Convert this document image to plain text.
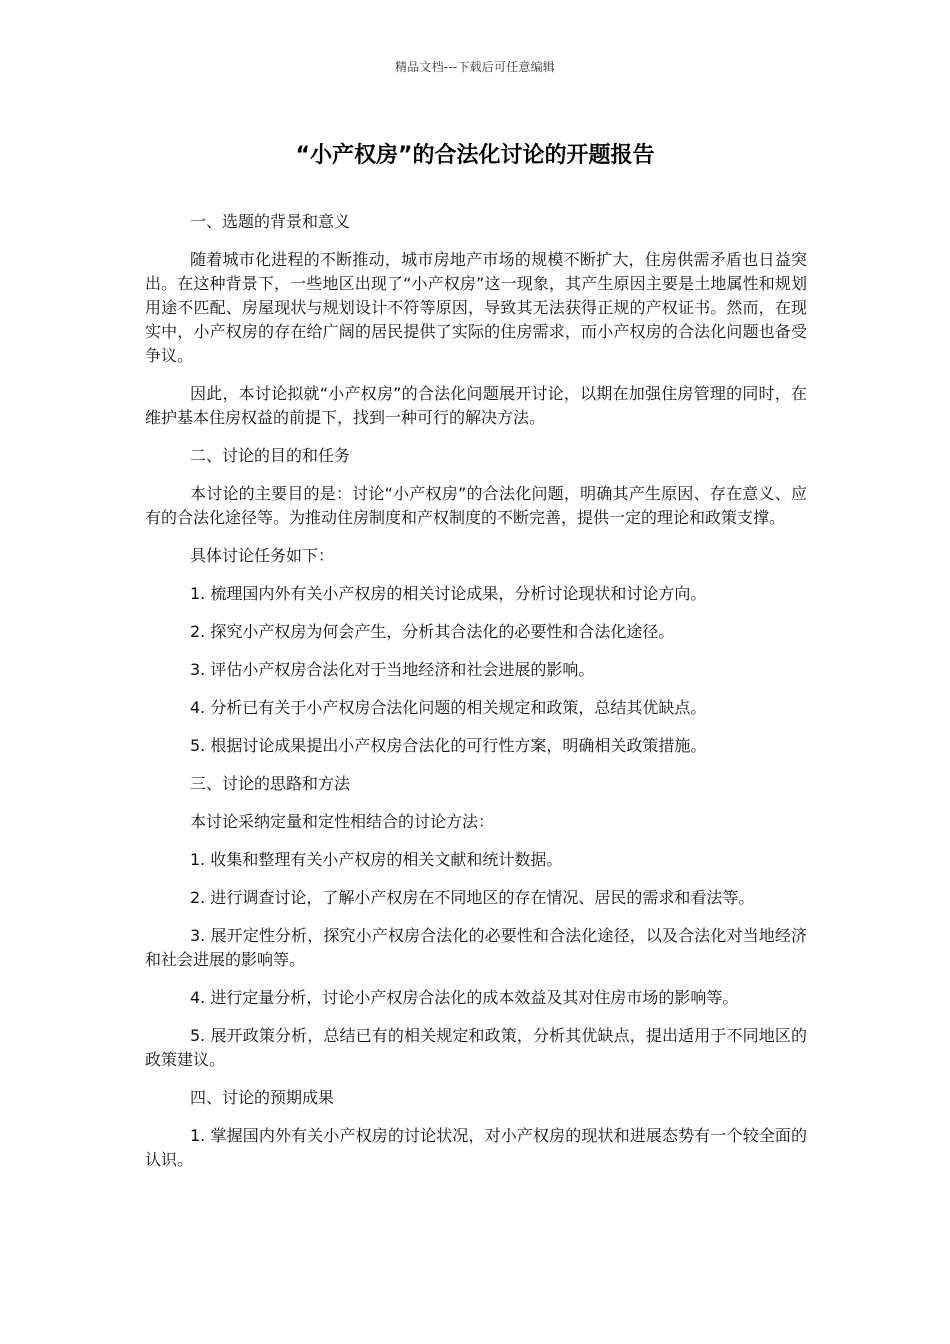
精品文档---下载后可任意编辑
“小产权房”的合法化讨论的开题报告

一、选题的背景和意义

随着城市化进程的不断推动，城市房地产市场的规模不断扩大，住房供需矛盾也日益突出。在这种背景下，一些地区出现了“小产权房”这一现象，其产生原因主要是土地属性和规划用途不匹配、房屋现状与规划设计不符等原因，导致其无法获得正规的产权证书。然而，在现实中，小产权房的存在给广阔的居民提供了实际的住房需求，而小产权房的合法化问题也备受争议。

因此，本讨论拟就“小产权房”的合法化问题展开讨论，以期在加强住房管理的同时，在维护基本住房权益的前提下，找到一种可行的解决方法。

二、讨论的目的和任务

本讨论的主要目的是：讨论“小产权房”的合法化问题，明确其产生原因、存在意义、应有的合法化途径等。为推动住房制度和产权制度的不断完善，提供一定的理论和政策支撑。

具体讨论任务如下：

1. 梳理国内外有关小产权房的相关讨论成果，分析讨论现状和讨论方向。

2. 探究小产权房为何会产生，分析其合法化的必要性和合法化途径。

3. 评估小产权房合法化对于当地经济和社会进展的影响。

4. 分析已有关于小产权房合法化问题的相关规定和政策，总结其优缺点。

5. 根据讨论成果提出小产权房合法化的可行性方案，明确相关政策措施。

三、讨论的思路和方法

本讨论采纳定量和定性相结合的讨论方法：

1. 收集和整理有关小产权房的相关文献和统计数据。

2. 进行调查讨论，了解小产权房在不同地区的存在情况、居民的需求和看法等。

3. 展开定性分析，探究小产权房合法化的必要性和合法化途径，以及合法化对当地经济和社会进展的影响等。

4. 进行定量分析，讨论小产权房合法化的成本效益及其对住房市场的影响等。

5. 展开政策分析，总结已有的相关规定和政策，分析其优缺点，提出适用于不同地区的政策建议。

四、讨论的预期成果

1. 掌握国内外有关小产权房的讨论状况，对小产权房的现状和进展态势有一个较全面的认识。
